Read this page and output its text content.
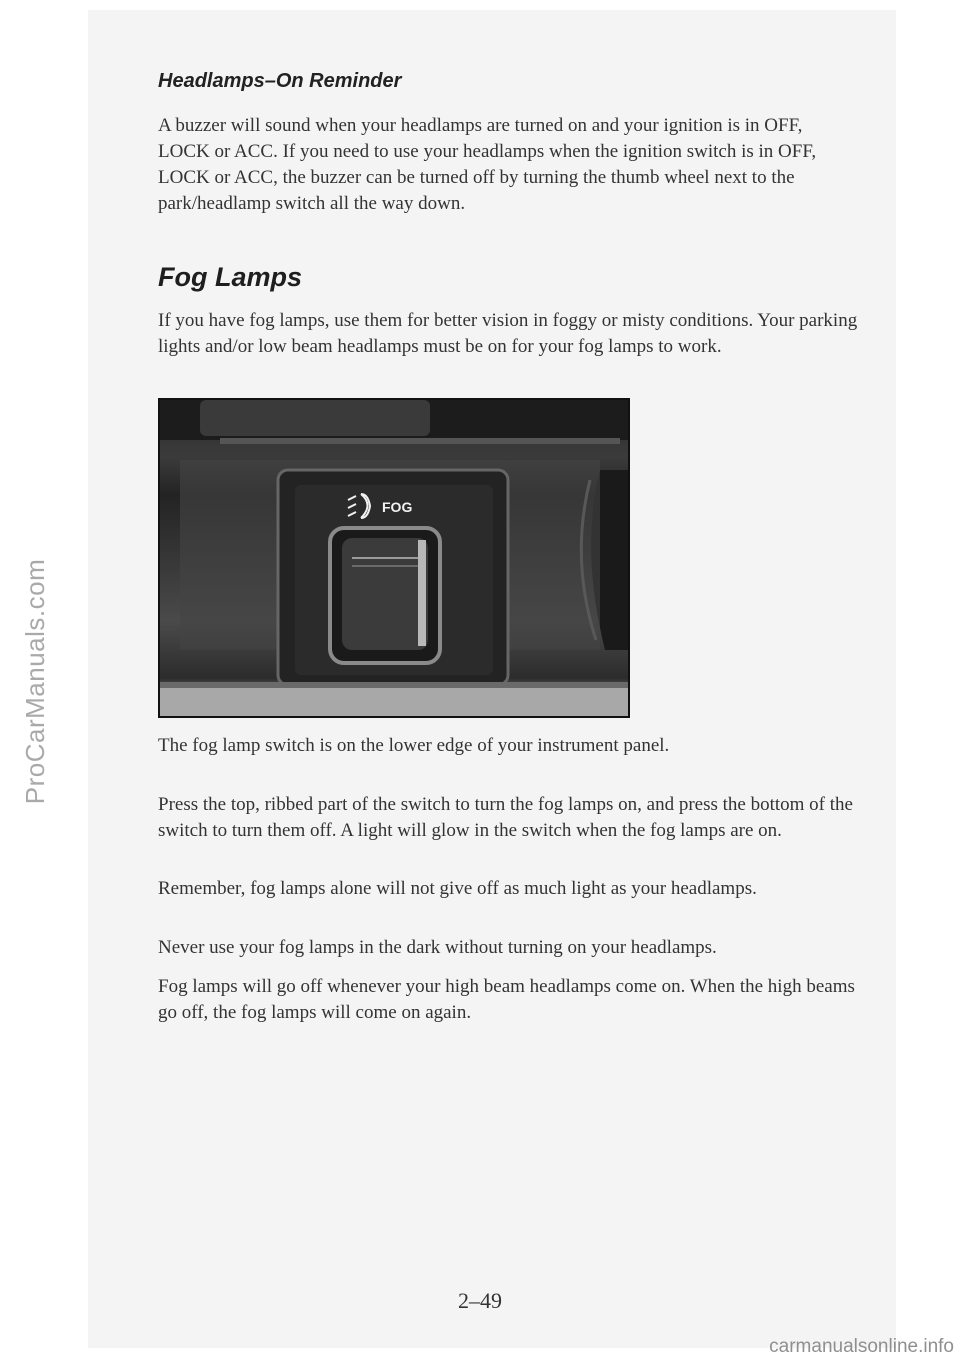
ProCarManuals.com
Headlamps–On Reminder

A buzzer will sound when your headlamps are turned on and your ignition is in OFF, LOCK or ACC. If you need to use your headlamps when the ignition switch is in OFF, LOCK or ACC, the buzzer can be turned off by turning the thumb wheel next to the park/headlamp switch all the way down.

Fog Lamps

If you have fog lamps, use them for better vision in foggy or misty conditions. Your parking lights and/or low beam headlamps must be on for your fog lamps to work.

FOG

The fog lamp switch is on the lower edge of your instrument panel.

Press the top, ribbed part of the switch to turn the fog lamps on, and press the bottom of the switch to turn them off. A light will glow in the switch when the fog lamps are on.

Remember, fog lamps alone will not give off as much light as your headlamps.

Never use your fog lamps in the dark without turning on your headlamps.

Fog lamps will go off whenever your high beam headlamps come on. When the high beams go off, the fog lamps will come on again.

2–49
carmanualsonline.info
